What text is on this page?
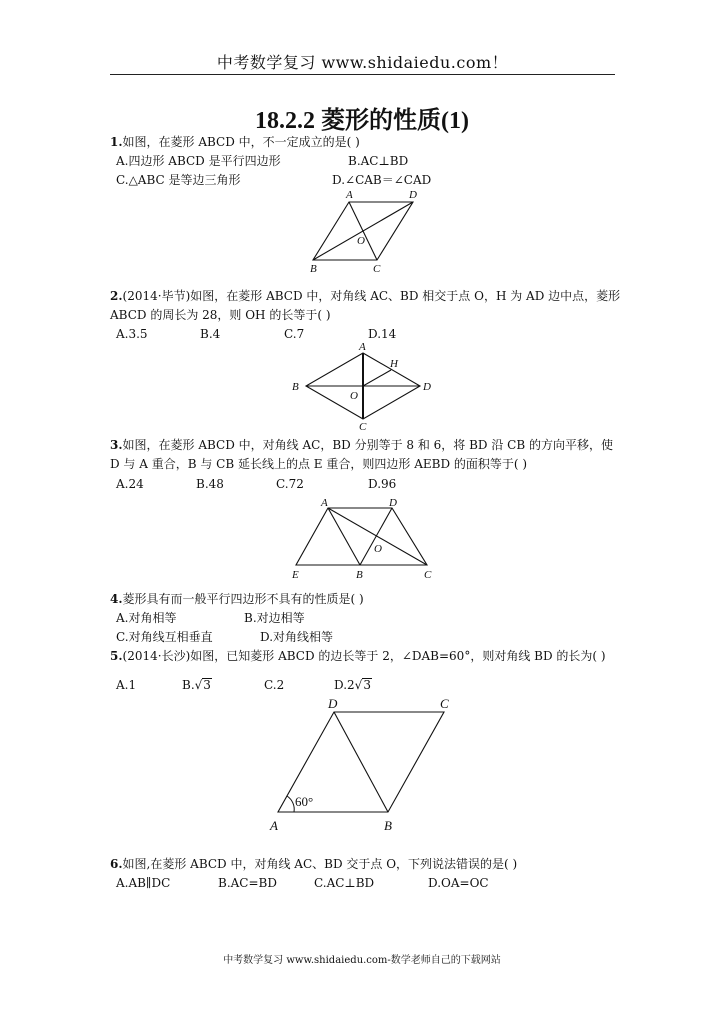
中考数学复习 www.shidaiedu.com！
18.2.2 菱形的性质(1)
1.如图，在菱形 ABCD 中，不一定成立的是( )
A.四边形 ABCD 是平行四边形	B.AC⊥BD
C.△ABC 是等边三角形	D.∠CAB＝∠CAD
A	D
O
B	C
2.(2014·毕节)如图，在菱形 ABCD 中，对角线 AC、BD 相交于点 O，H 为 AD 边中点，菱形
ABCD 的周长为 28，则 OH 的长等于( )
A.3.5	B.4	C.7	D.14
A
H
B	D
O
C
3.如图，在菱形 ABCD 中，对角线 AC，BD 分别等于 8 和 6，将 BD 沿 CB 的方向平移，使
D 与 A 重合，B 与 CB 延长线上的点 E 重合，则四边形 AEBD 的面积等于( )
A.24	B.48	C.72	D.96
A	D
O
E	B	C
4.菱形具有而一般平行四边形不具有的性质是( )
A.对角相等	B.对边相等
C.对角线互相垂直	D.对角线相等
5.(2014·长沙)如图，已知菱形 ABCD 的边长等于 2，∠DAB=60°，则对角线 BD 的长为( )
A.1	B.√3	C.2	D.2√3
D	C
60°
A	B
6.如图,在菱形 ABCD 中，对角线 AC、BD 交于点 O，下列说法错误的是( )
A.AB∥DC	B.AC=BD	C.AC⊥BD	D.OA=OC
中考数学复习 www.shidaiedu.com-数学老师自己的下载网站
